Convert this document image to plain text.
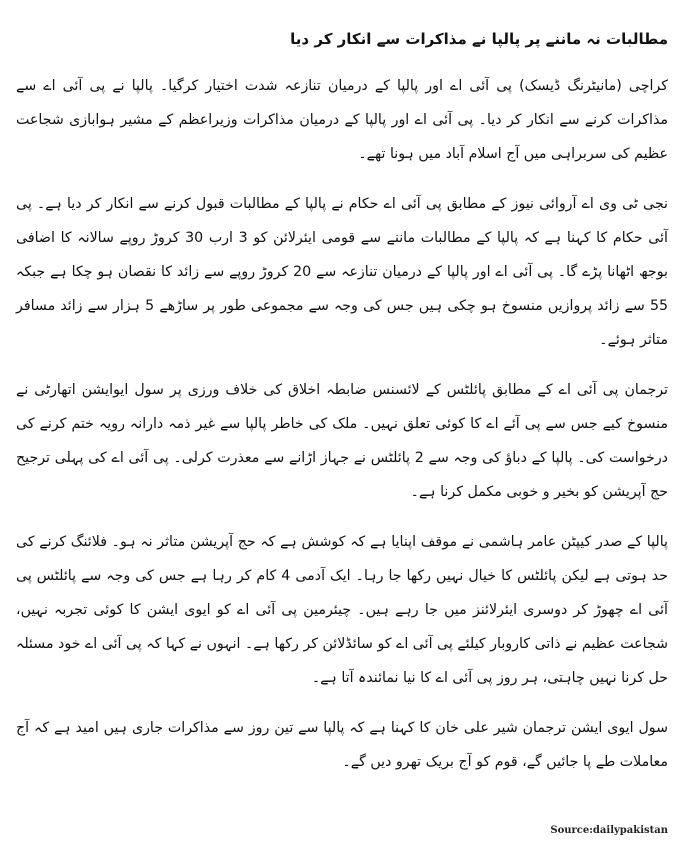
مطالبات نہ ماننے پر پالپا نے مذاکرات سے انکار کر دیا

کراچی (مانیٹرنگ ڈیسک) پی آئی اے اور پالپا کے درمیان تنازعہ شدت اختیار کرگیا۔ پالپا نے پی آئی اے سے مذاکرات کرنے سے انکار کر دیا۔ پی آئی اے اور پالپا کے درمیان مذاکرات وزیراعظم کے مشیر ہوابازی شجاعت عظیم کی سربراہی میں آج اسلام آباد میں ہونا تھے۔

نجی ٹی وی اے آروائی نیوز کے مطابق پی آئی اے حکام نے پالپا کے مطالبات قبول کرنے سے انکار کر دیا ہے۔ پی آئی حکام کا کہنا ہے کہ پالپا کے مطالبات ماننے سے قومی ایئرلائن کو 3 ارب 30 کروڑ روپے سالانہ کا اضافی بوجھ اٹھانا پڑے گا۔ پی آئی اے اور پالپا کے درمیان تنازعہ سے 20 کروڑ روپے سے زائد کا نقصان ہو چکا ہے جبکہ 55 سے زائد پروازیں منسوخ ہو چکی ہیں جس کی وجہ سے مجموعی طور پر ساڑھے 5 ہزار سے زائد مسافر متاثر ہوئے۔

ترجمان پی آئی اے کے مطابق پائلٹس کے لائسنس ضابطہ اخلاق کی خلاف ورزی پر سول ایوایشن اتھارٹی نے منسوخ کیے جس سے پی آئے اے کا کوئی تعلق نہیں۔ ملک کی خاطر پالپا سے غیر ذمہ دارانہ رویہ ختم کرنے کی درخواست کی۔ پالپا کے دباؤ کی وجہ سے 2 پائلٹس نے جہاز اڑانے سے معذرت کرلی۔ پی آئی اے کی پہلی ترجیح حج آپریشن کو بخیر و خوبی مکمل کرنا ہے۔

پالپا کے صدر کیپٹن عامر ہاشمی نے موقف اپنایا ہے کہ کوشش ہے کہ حج آپریشن متاثر نہ ہو۔ فلائنگ کرنے کی حد ہوتی ہے لیکن پائلٹس کا خیال نہیں رکھا جا رہا۔ ایک آدمی 4 کام کر رہا ہے جس کی وجہ سے پائلٹس پی آئی اے چھوڑ کر دوسری ایئرلائنز میں جا رہے ہیں۔ چیئرمین پی آئی اے کو ایوی ایشن کا کوئی تجربہ نہیں، شجاعت عظیم نے ذاتی کاروبار کیلئے پی آئی اے کو سائڈلائن کر رکھا ہے۔ انہوں نے کہا کہ پی آئی اے خود مسئلہ حل کرنا نہیں چاہتی، ہر روز پی آئی اے کا نیا نمائندہ آتا ہے۔

سول ایوی ایشن ترجمان شیر علی خان کا کہنا ہے کہ پالپا سے تین روز سے مذاکرات جاری ہیں امید ہے کہ آج معاملات طے پا جائیں گے، قوم کو آج بریک تھرو دیں گے۔

Source:dailypakistan
